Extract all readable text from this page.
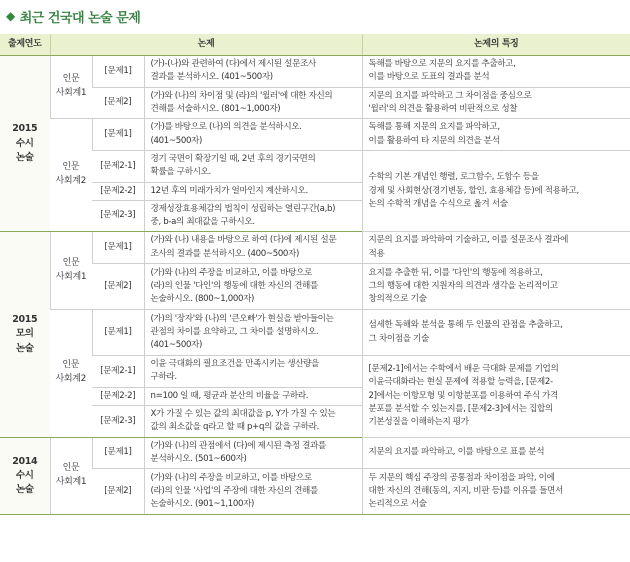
◆ 최근 건국대 논술 문제
출제연도	논제			논제의 특징
2015
수시
논술	인문
사회계1	[문제1]	(가)-(나)와 관련하여 (다)에서 제시된 설문조사
결과를 분석하시오. (401~500자)	독해를 바탕으로 지문의 요지를 추출하고,
이를 바탕으로 도표의 결과를 분석
		[문제2]	(가)와 (나)의 차이점 및 (라)의 '윌러'에 대한 자신의
견해를 서술하시오. (801~1,000자)	지문의 요지를 파악하고 그 차이점을 중심으로
'윌러'의 의견을 활용하여 비판적으로 성찰
	인문
사회계2	[문제1]	(가)를 바탕으로 (나)의 의견을 분석하시오.
(401~500자)	독해를 통해 지문의 요지를 파악하고,
이를 활용하여 타 지문의 의견을 분석
		[문제2-1]	경기 국면이 확장기일 때, 2년 후의 경기국면의
확률을 구하시오.	수학의 기본 개념인 행렬, 로그함수, 도함수 등을
경제 및 사회현상(경기변동, 할인, 효용체감 등)에 적용하고,
논의 수학적 개념을 수식으로 옮겨 서술
		[문제2-2]	12년 후의 미래가치가 얼마인지 계산하시오.	
		[문제2-3]	경제성장효용체감의 법칙이 성립하는 열린구간(a,b)
중, b-a의 최대값을 구하시오.	
2015
모의
논술	인문
사회계1	[문제1]	(가)와 (나) 내용을 바탕으로 하여 (다)에 제시된 설문
조사의 결과를 분석하시오. (400~500자)	지문의 요지를 파악하여 기술하고, 이를 설문조사 결과에
적용
		[문제2]	(가)와 (나)의 주장을 비교하고, 이를 바탕으로
(라)의 인물 '다인'의 행동에 대한 자신의 견해를
논술하시오. (800~1,000자)	요지를 추출한 뒤, 이를 '다인'의 행동에 적용하고,
그의 행동에 대한 지원자의 의견과 생각을 논리적이고
창의적으로 기술
	인문
사회계2	[문제1]	(가)의 '장자'와 (나)의 '큰오빠'가 현실을 받아들이는
관점의 차이를 요약하고, 그 차이를 설명하시오.
(401~500자)	섬세한 독해와 분석을 통해 두 인물의 관점을 추출하고,
그 차이점을 기술
		[문제2-1]	이윤 극대화의 필요조건을 만족시키는 생산량을
구하라.	[문제2-1]에서는 수학에서 배운 극대화 문제를 기업의
이윤극대화라는 현실 문제에 적용할 능력을, [문제2-
2]에서는 이항모형 및 이항분포를 이용하여 주식 가격
분포를 분석할 수 있는지를, [문제2-3]에서는 집합의
기본성질을 이해하는지 평가
		[문제2-2]	n=100 일 때, 평균과 분산의 비율을 구하라.	
		[문제2-3]	X가 가질 수 있는 값의 최대값을 p, Y가 가질 수 있는
값의 최소값을 q라고 할 때 p+q의 값을 구하라.	
2014
수시
논술	인문
사회계1	[문제1]	(가)와 (나)의 관점에서 (다)에 제시된 측정 결과를
분석하시오. (501~600자)	지문의 요지를 파악하고, 이를 바탕으로 표를 분석
		[문제2]	(가)와 (나)의 주장을 비교하고, 이를 바탕으로
(라)의 인물 '사업'의 주장에 대한 자신의 견해를
논술하시오. (901~1,100자)	두 지문의 핵심 주장의 공통점과 차이점을 파악, 이에
대한 자신의 견해(동의, 지지, 비판 등)를 이유를 들면서
논리적으로 서술
